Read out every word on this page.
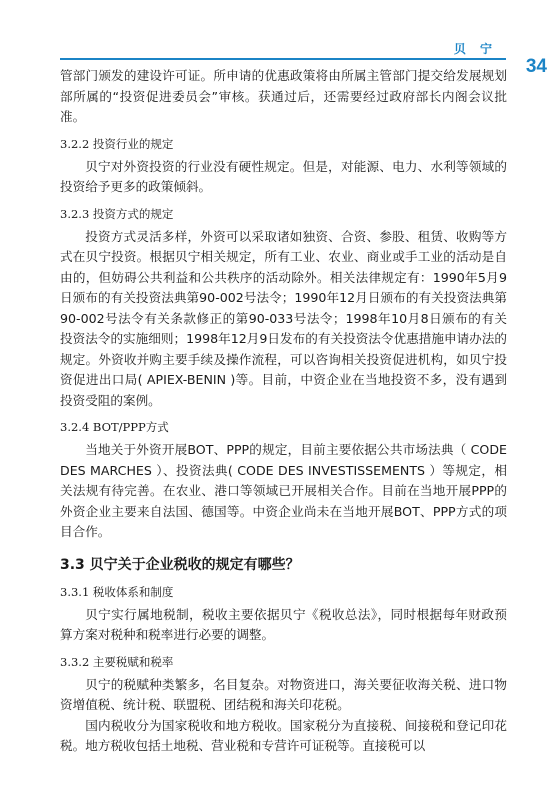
贝 宁
34

管部门颁发的建设许可证。所申请的优惠政策将由所属主管部门提交给发展规划部所属的“投资促进委员会”审核。获通过后，还需要经过政府部长内阁会议批准。

3.2.2 投资行业的规定

贝宁对外资投资的行业没有硬性规定。但是，对能源、电力、水利等领域的投资给予更多的政策倾斜。

3.2.3 投资方式的规定

投资方式灵活多样，外资可以采取诸如独资、合资、参股、租赁、收购等方式在贝宁投资。根据贝宁相关规定，所有工业、农业、商业或手工业的活动是自由的，但妨碍公共利益和公共秩序的活动除外。相关法律规定有：1990年5月9日颁布的有关投资法典第90-002号法令；1990年12月日颁布的有关投资法典第90-002号法令有关条款修正的第90-033号法令；1998年10月8日颁布的有关投资法令的实施细则；1998年12月9日发布的有关投资法令优惠措施申请办法的规定。外资收并购主要手续及操作流程，可以咨询相关投资促进机构，如贝宁投资促进出口局( APIEX-BENIN )等。目前，中资企业在当地投资不多，没有遇到投资受阻的案例。

3.2.4 BOT/PPP方式

当地关于外资开展BOT、PPP的规定，目前主要依据公共市场法典（ CODE DES MARCHES ）、投资法典( CODE DES INVESTISSEMENTS ）等规定，相关法规有待完善。在农业、港口等领域已开展相关合作。目前在当地开展PPP的外资企业主要来自法国、德国等。中资企业尚未在当地开展BOT、PPP方式的项目合作。

3.3 贝宁关于企业税收的规定有哪些？
3.3.1 税收体系和制度

贝宁实行属地税制，税收主要依据贝宁《税收总法》，同时根据每年财政预算方案对税种和税率进行必要的调整。

3.3.2 主要税赋和税率

贝宁的税赋种类繁多，名目复杂。对物资进口，海关要征收海关税、进口物资增值税、统计税、联盟税、团结税和海关印花税。

国内税收分为国家税收和地方税收。国家税分为直接税、间接税和登记印花税。地方税收包括土地税、营业税和专营许可证税等。直接税可以
